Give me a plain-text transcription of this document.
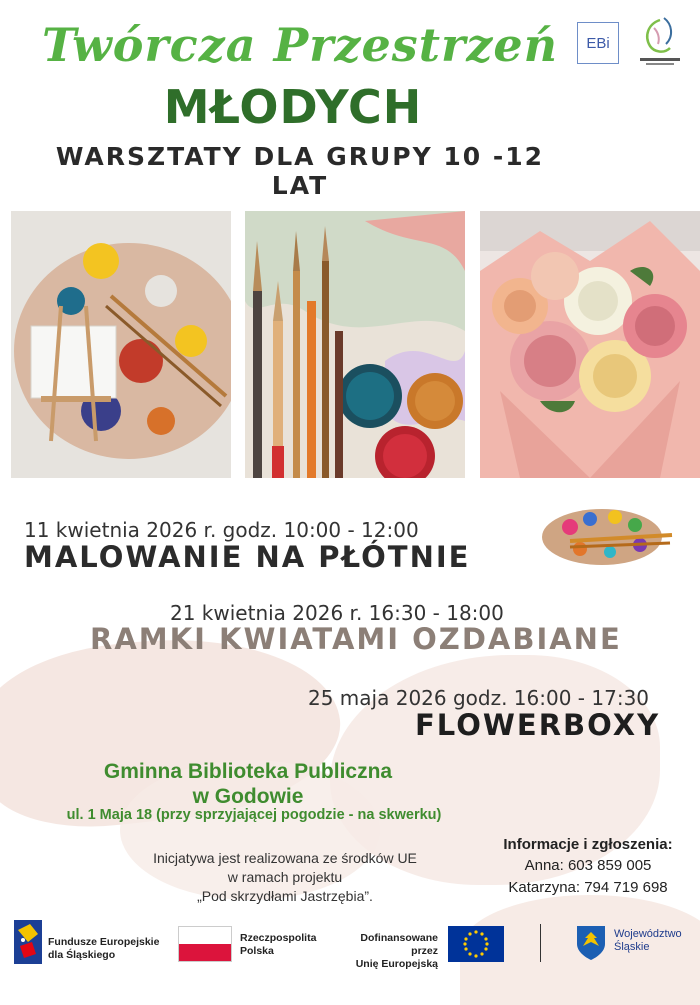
Twórcza Przestrzeń
MŁODYCH
WARSZTATY DLA GRUPY 10 -12 LAT
EBi
11 kwietnia 2026 r. godz. 10:00 - 12:00
MALOWANIE NA PŁÓTNIE
21 kwietnia 2026 r. 16:30 - 18:00
RAMKI KWIATAMI OZDABIANE
25 maja 2026 godz. 16:00 - 17:30
FLOWERBOXY
Gminna Biblioteka Publiczna
w Godowie
ul. 1 Maja 18 (przy sprzyjającej pogodzie - na skwerku)
Informacje i zgłoszenia:
Anna: 603 859 005
Katarzyna: 794 719 698
Inicjatywa jest realizowana ze środków UE
w ramach projektu
„Pod skrzydłami Jastrzębia”.
Fundusze Europejskie
dla Śląskiego
Rzeczpospolita
Polska
Dofinansowane przez
Unię Europejską
Województwo
Śląskie
